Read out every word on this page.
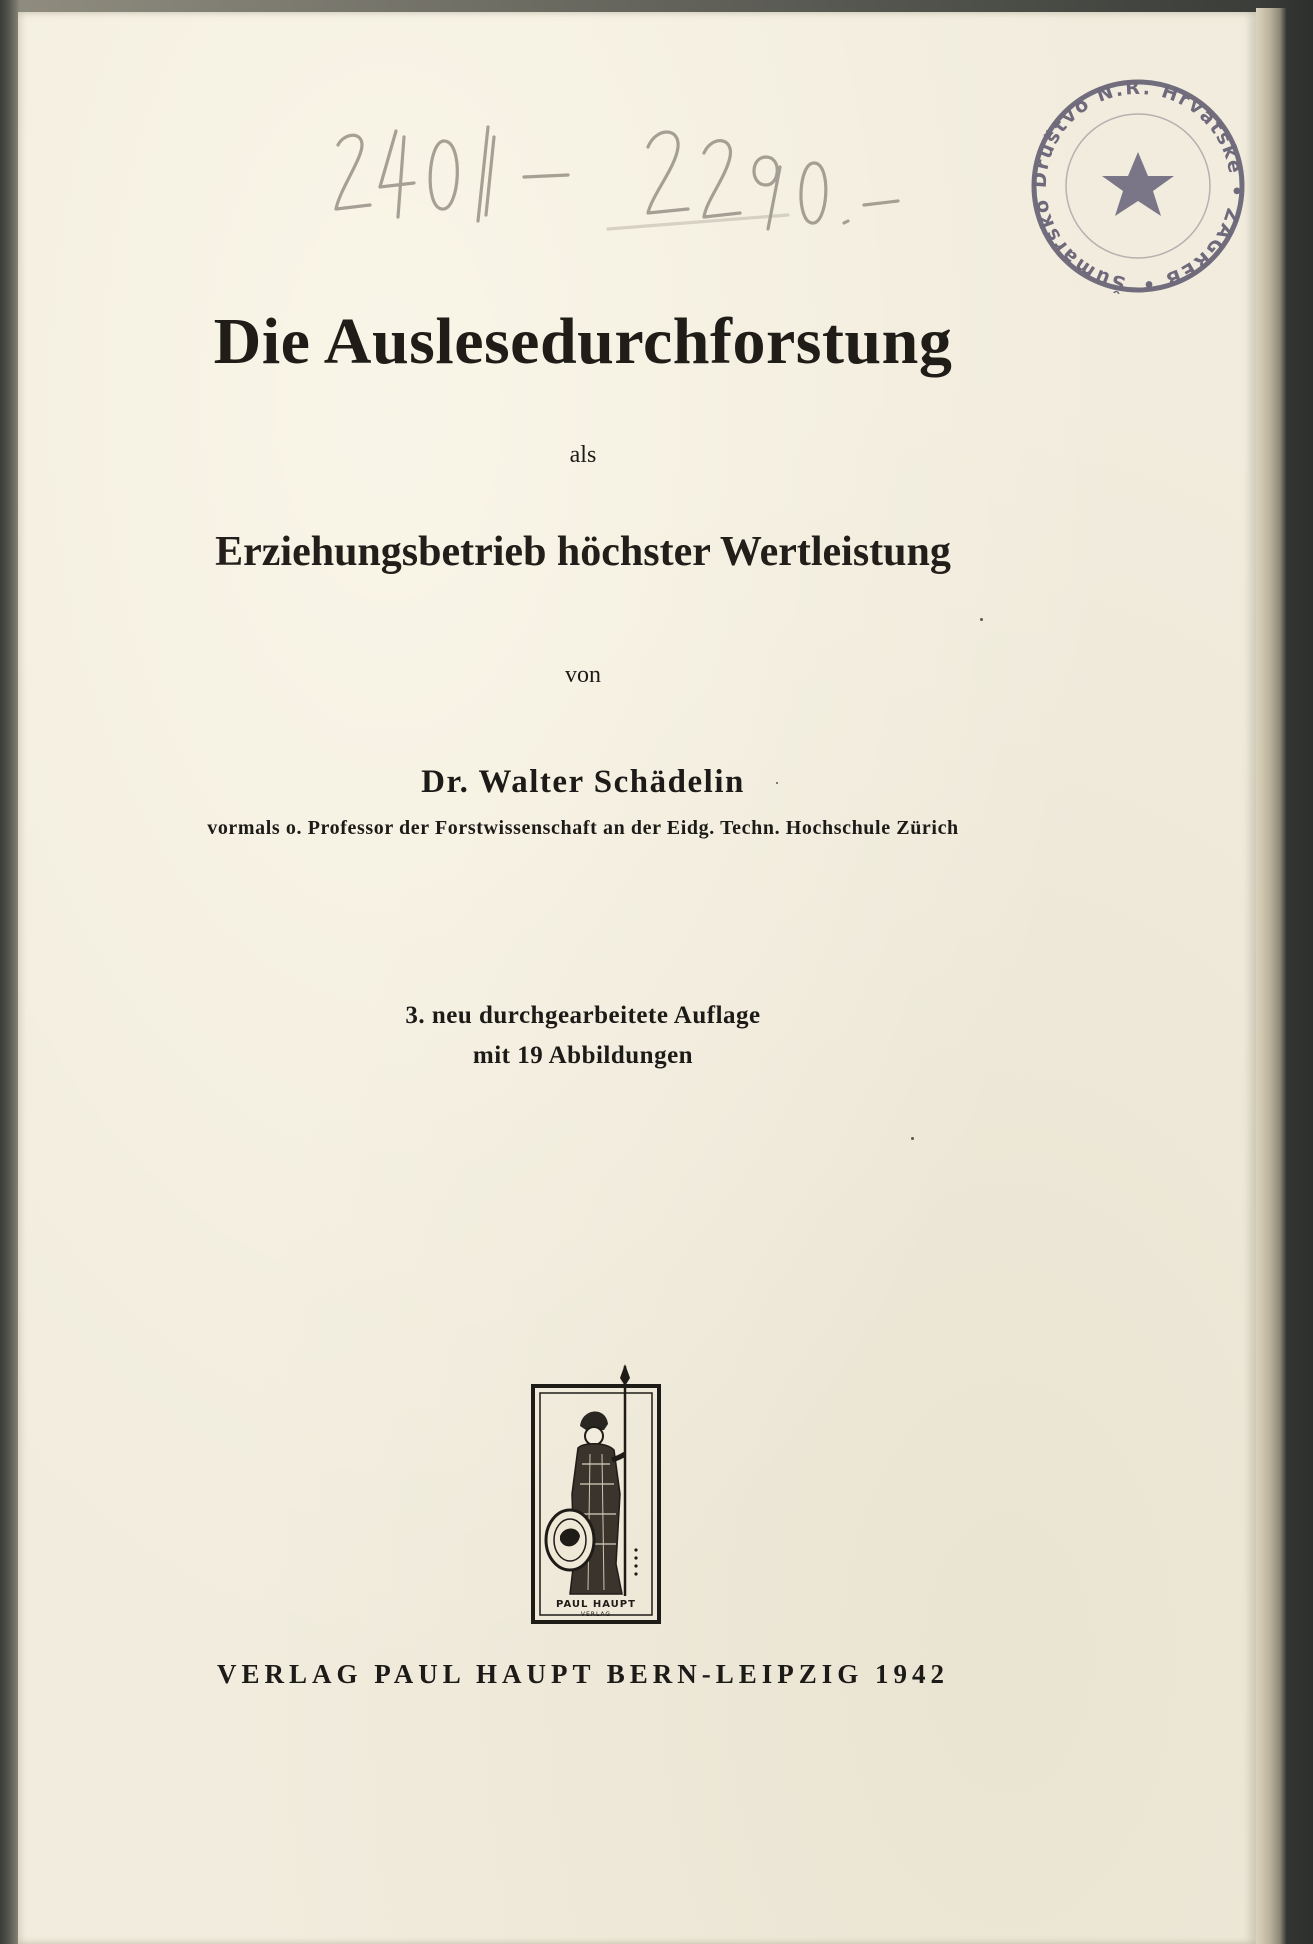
Šumarsko Društvo N.R. Hrvatske • ZAGREB •
Die Auslesedurchforstung
als
Erziehungsbetrieb höchster Wertleistung
von
Dr. Walter Schädelin
vormals o. Professor der Forstwissenschaft an der Eidg. Techn. Hochschule Zürich
3. neu durchgearbeitete Auflage
mit 19 Abbildungen
PAUL HAUPT
VERLAG
VERLAG PAUL HAUPT BERN-LEIPZIG 1942
